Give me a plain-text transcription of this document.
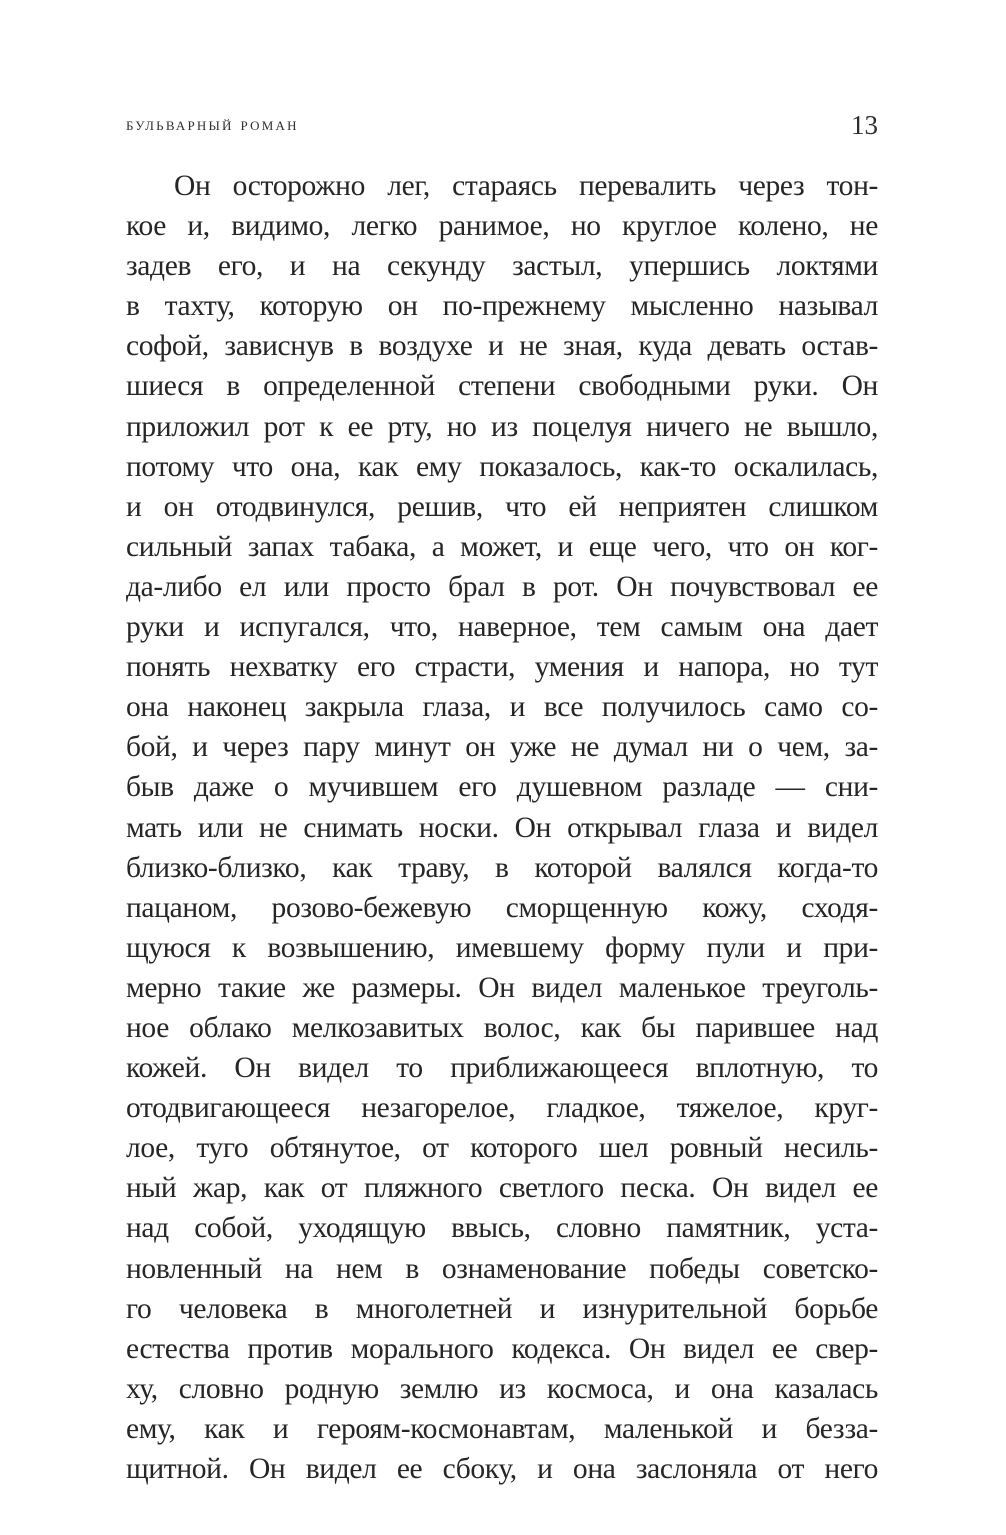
бульварный роман	13
Он осторожно лег, стараясь перевалить через тон-
кое и, видимо, легко ранимое, но круглое колено, не
задев его, и на секунду застыл, упершись локтями
в тахту, которую он по-прежнему мысленно называл
софой, зависнув в воздухе и не зная, куда девать остав-
шиеся в определенной степени свободными руки. Он
приложил рот к ее рту, но из поцелуя ничего не вышло,
потому что она, как ему показалось, как-то оскалилась,
и он отодвинулся, решив, что ей неприятен слишком
сильный запах табака, а может, и еще чего, что он ког-
да-либо ел или просто брал в рот. Он почувствовал ее
руки и испугался, что, наверное, тем самым она дает
понять нехватку его страсти, умения и напора, но тут
она наконец закрыла глаза, и все получилось само со-
бой, и через пару минут он уже не думал ни о чем, за-
быв даже о мучившем его душевном разладе — сни-
мать или не снимать носки. Он открывал глаза и видел
близко-близко, как траву, в которой валялся когда-то
пацаном, розово-бежевую сморщенную кожу, сходя-
щуюся к возвышению, имевшему форму пули и при-
мерно такие же размеры. Он видел маленькое треуголь-
ное облако мелкозавитых волос, как бы парившее над
кожей. Он видел то приближающееся вплотную, то
отодвигающееся незагорелое, гладкое, тяжелое, круг-
лое, туго обтянутое, от которого шел ровный несиль-
ный жар, как от пляжного светлого песка. Он видел ее
над собой, уходящую ввысь, словно памятник, уста-
новленный на нем в ознаменование победы советско-
го человека в многолетней и изнурительной борьбе
естества против морального кодекса. Он видел ее свер-
ху, словно родную землю из космоса, и она казалась
ему, как и героям-космонавтам, маленькой и безза-
щитной. Он видел ее сбоку, и она заслоняла от него
